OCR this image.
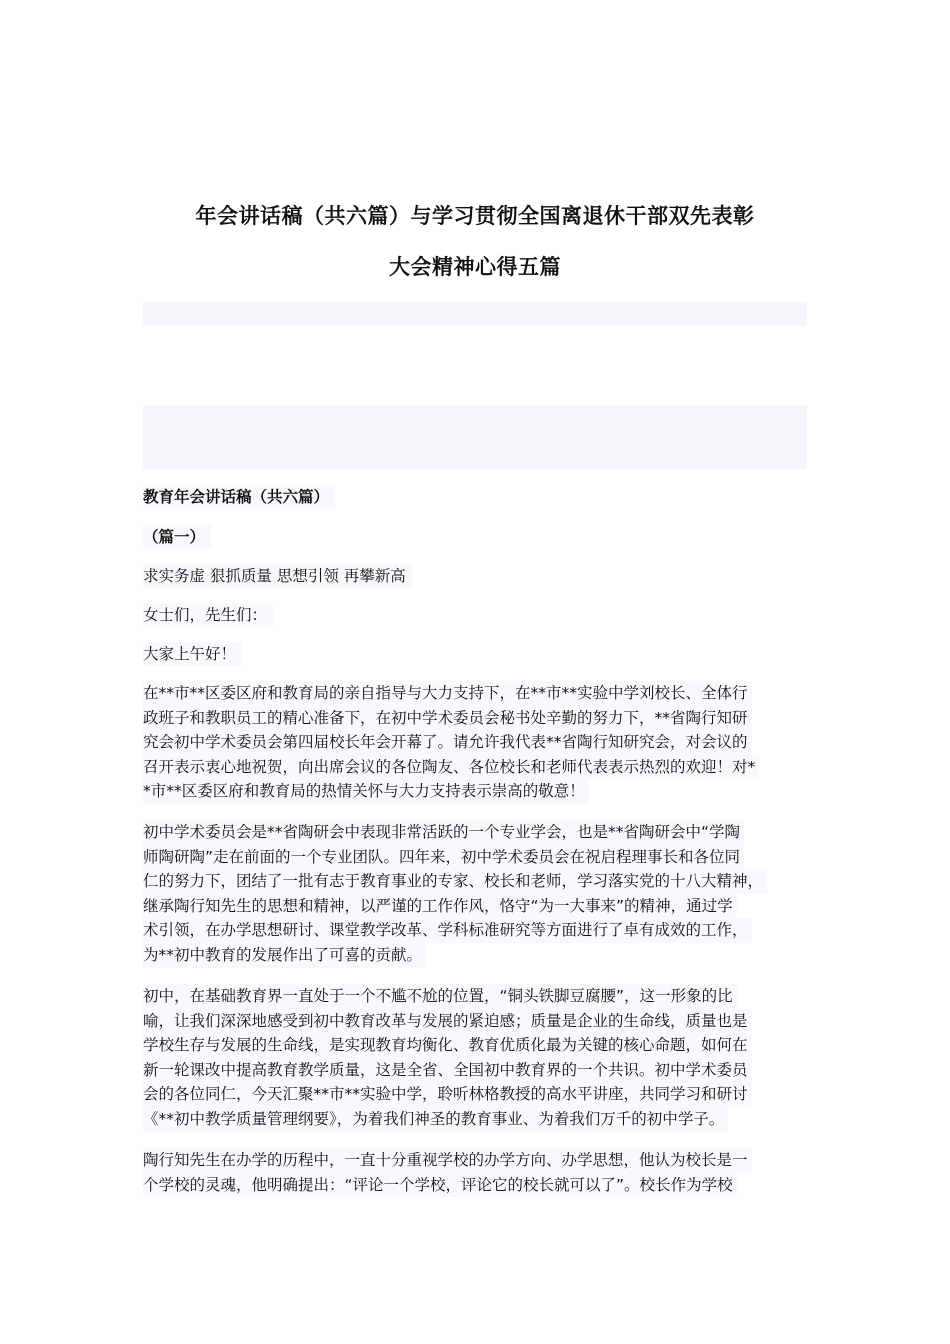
年会讲话稿（共六篇）与学习贯彻全国离退休干部双先表彰
大会精神心得五篇
教育年会讲话稿（共六篇）
（篇一）
求实务虚 狠抓质量 思想引领 再攀新高
女士们，先生们：
大家上午好！

在**市**区委区府和教育局的亲自指导与大力支持下，在**市**实验中学刘校长、全体行
政班子和教职员工的精心准备下，在初中学术委员会秘书处辛勤的努力下，**省陶行知研
究会初中学术委员会第四届校长年会开幕了。请允许我代表**省陶行知研究会，对会议的
召开表示衷心地祝贺，向出席会议的各位陶友、各位校长和老师代表表示热烈的欢迎！对*
*市**区委区府和教育局的热情关怀与大力支持表示崇高的敬意！

初中学术委员会是**省陶研会中表现非常活跃的一个专业学会，也是**省陶研会中“学陶
师陶研陶”走在前面的一个专业团队。四年来，初中学术委员会在祝启程理事长和各位同
仁的努力下，团结了一批有志于教育事业的专家、校长和老师，学习落实党的十八大精神，
继承陶行知先生的思想和精神，以严谨的工作作风，恪守“为一大事来”的精神，通过学
术引领，在办学思想研讨、课堂教学改革、学科标准研究等方面进行了卓有成效的工作，
为**初中教育的发展作出了可喜的贡献。

初中，在基础教育界一直处于一个不尴不尬的位置，“铜头铁脚豆腐腰”，这一形象的比
喻，让我们深深地感受到初中教育改革与发展的紧迫感；质量是企业的生命线，质量也是
学校生存与发展的生命线，是实现教育均衡化、教育优质化最为关键的核心命题，如何在
新一轮课改中提高教育教学质量，这是全省、全国初中教育界的一个共识。初中学术委员
会的各位同仁，今天汇聚**市**实验中学，聆听林格教授的高水平讲座，共同学习和研讨
《**初中教学质量管理纲要》，为着我们神圣的教育事业、为着我们万千的初中学子。

陶行知先生在办学的历程中，一直十分重视学校的办学方向、办学思想，他认为校长是一
个学校的灵魂，他明确提出：“评论一个学校，评论它的校长就可以了”。校长作为学校
